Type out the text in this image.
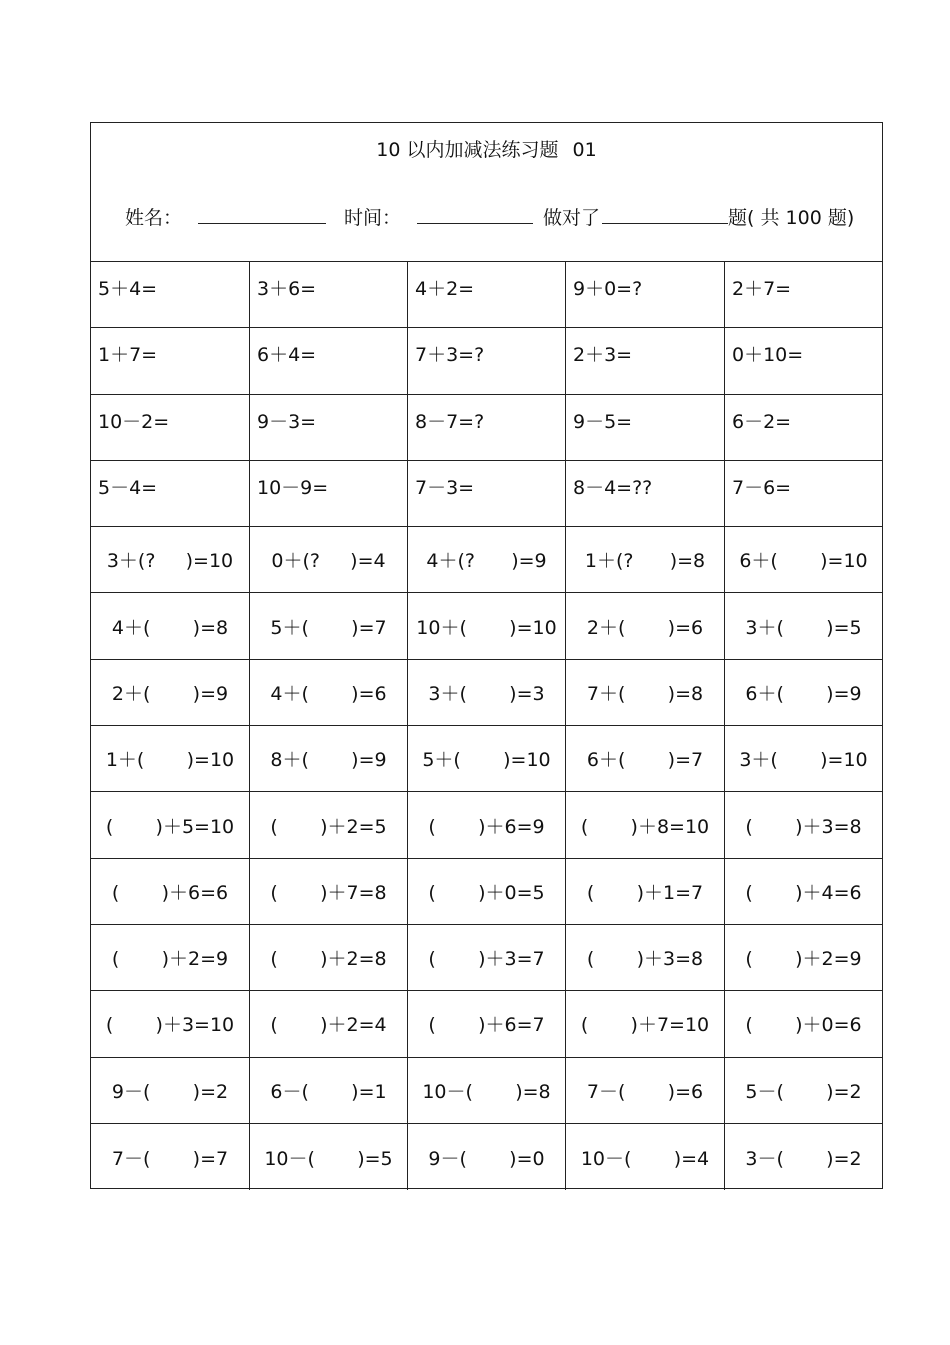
10 以内加减法练习题 01
姓名：	时间：	做对了	题( 共 100 题)
5＋4=	3＋6=	4＋2=	9＋0=?	2＋7=
1＋7=	6＋4=	7＋3=?	2＋3=	0＋10=
10－2=	9－3=	8－7=?	9－5=	6－2=
5－4=	10－9=	7－3=	8－4=??	7－6=
3＋(?     )=10	0＋(?     )=4	4＋(?      )=9	1＋(?      )=8	6＋(       )=10
4＋(       )=8	5＋(       )=7	10＋(       )=10	2＋(       )=6	3＋(       )=5
2＋(       )=9	4＋(       )=6	3＋(       )=3	7＋(       )=8	6＋(       )=9
1＋(       )=10	8＋(       )=9	5＋(       )=10	6＋(       )=7	3＋(       )=10
(       )＋5=10	(       )＋2=5	(       )＋6=9	(       )＋8=10	(       )＋3=8
(       )＋6=6	(       )＋7=8	(       )＋0=5	(       )＋1=7	(       )＋4=6
(       )＋2=9	(       )＋2=8	(       )＋3=7	(       )＋3=8	(       )＋2=9
(       )＋3=10	(       )＋2=4	(       )＋6=7	(       )＋7=10	(       )＋0=6
9－(       )=2	6－(       )=1	10－(       )=8	7－(       )=6	5－(       )=2
7－(       )=7	10－(       )=5	9－(       )=0	10－(       )=4	3－(       )=2
